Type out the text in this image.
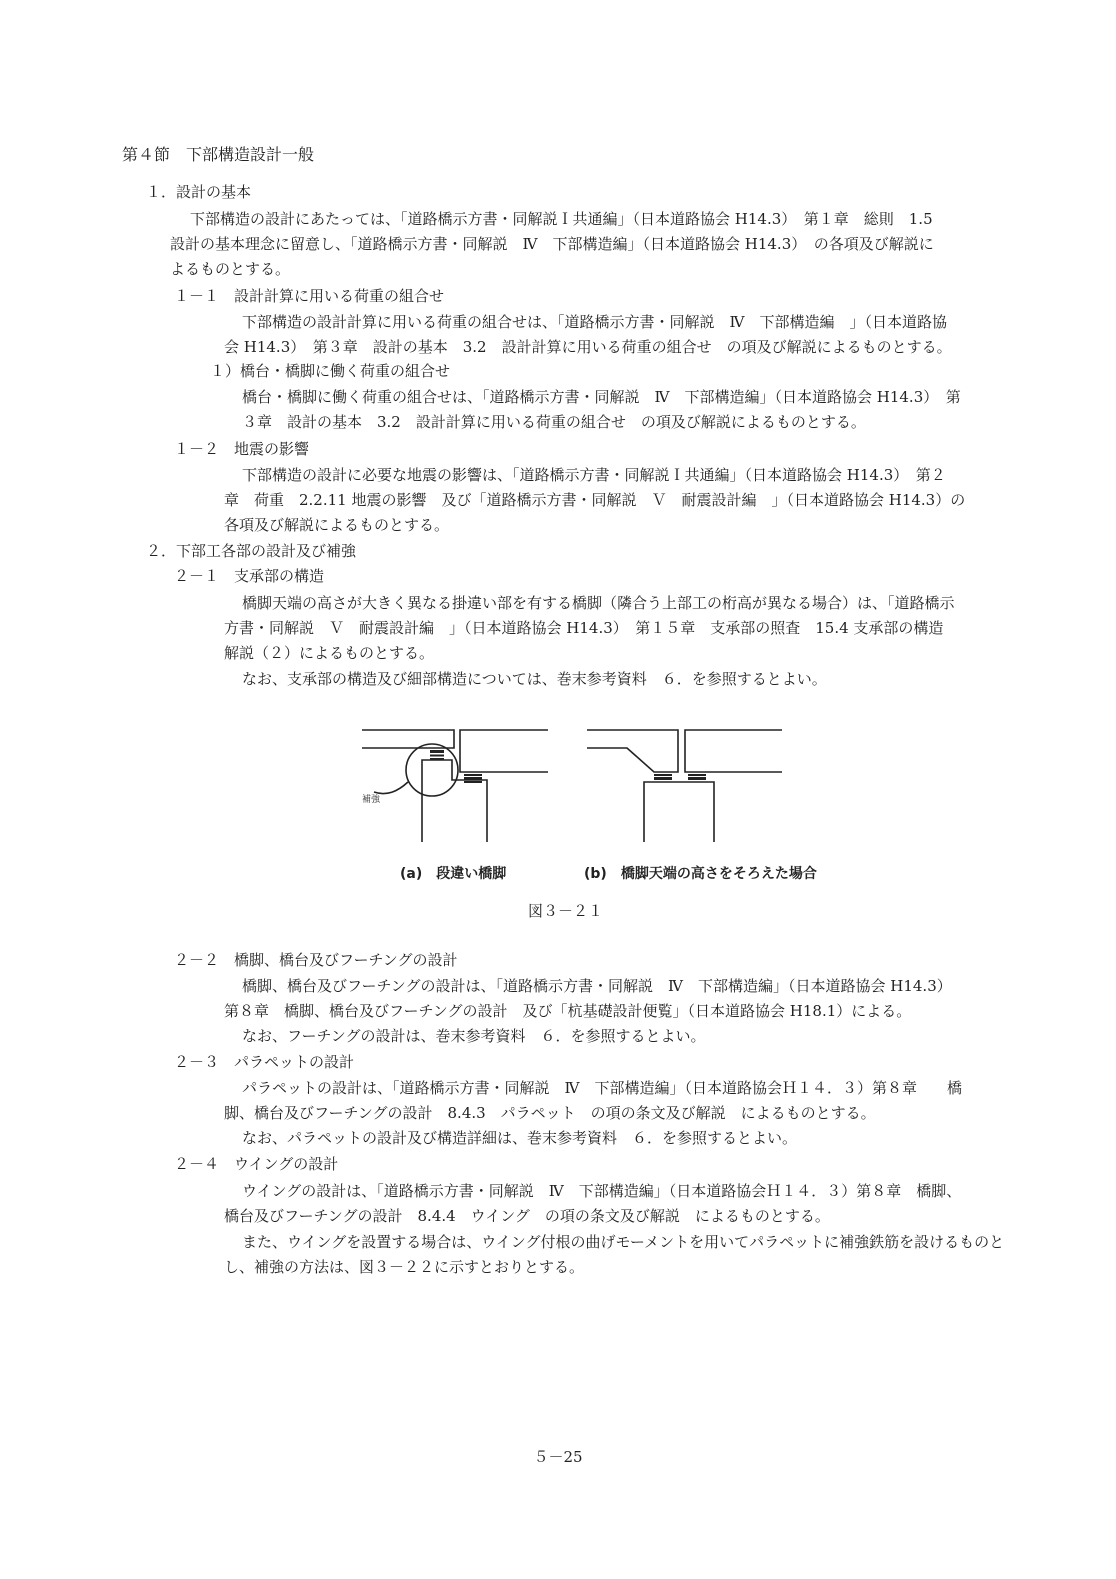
第４節　下部構造設計一般
１．設計の基本
下部構造の設計にあたっては、「道路橋示方書・同解説Ｉ共通編」（日本道路協会 H14.3）　第１章　総則　1.5
設計の基本理念に留意し、「道路橋示方書・同解説　Ⅳ　下部構造編」（日本道路協会 H14.3）　の各項及び解説に
よるものとする。
１－１　設計計算に用いる荷重の組合せ
下部構造の設計計算に用いる荷重の組合せは、「道路橋示方書・同解説　Ⅳ　下部構造編　」（日本道路協
会 H14.3）　第３章　設計の基本　3.2　設計計算に用いる荷重の組合せ　の項及び解説によるものとする。
１）橋台・橋脚に働く荷重の組合せ
橋台・橋脚に働く荷重の組合せは、「道路橋示方書・同解説　Ⅳ　下部構造編」（日本道路協会 H14.3）　第
３章　設計の基本　3.2　設計計算に用いる荷重の組合せ　の項及び解説によるものとする。
１－２　地震の影響
下部構造の設計に必要な地震の影響は、「道路橋示方書・同解説Ｉ共通編」（日本道路協会 H14.3）　第２
章　荷重　2.2.11 地震の影響　及び「道路橋示方書・同解説　Ｖ　耐震設計編　」（日本道路協会 H14.3）の
各項及び解説によるものとする。
２．下部工各部の設計及び補強
２－１　支承部の構造
橋脚天端の高さが大きく異なる掛違い部を有する橋脚（隣合う上部工の桁高が異なる場合）は、「道路橋示
方書・同解説　Ｖ　耐震設計編　」（日本道路協会 H14.3）　第１５章　支承部の照査　15.4 支承部の構造
解説（２）によるものとする。
なお、支承部の構造及び細部構造については、巻末参考資料　６．を参照するとよい。
補強
(a)　段違い橋脚	(b)　橋脚天端の高さをそろえた場合
図３－２１
２－２　橋脚、橋台及びフーチングの設計
橋脚、橋台及びフーチングの設計は、「道路橋示方書・同解説　Ⅳ　下部構造編」（日本道路協会 H14.3）
第８章　橋脚、橋台及びフーチングの設計　及び「杭基礎設計便覧」（日本道路協会 H18.1）による。
なお、フーチングの設計は、巻末参考資料　６．を参照するとよい。
２－３　パラペットの設計
パラペットの設計は、「道路橋示方書・同解説　Ⅳ　下部構造編」（日本道路協会Ｈ１４．３）第８章　　橋
脚、橋台及びフーチングの設計　8.4.3　パラペット　の項の条文及び解説　によるものとする。
なお、パラペットの設計及び構造詳細は、巻末参考資料　６．を参照するとよい。
２－４　ウイングの設計
ウイングの設計は、「道路橋示方書・同解説　Ⅳ　下部構造編」（日本道路協会Ｈ１４．３）第８章　橋脚、
橋台及びフーチングの設計　8.4.4　ウイング　の項の条文及び解説　によるものとする。
また、ウイングを設置する場合は、ウイング付根の曲げモーメントを用いてパラペットに補強鉄筋を設けるものと
し、補強の方法は、図３－２２に示すとおりとする。
５－25
